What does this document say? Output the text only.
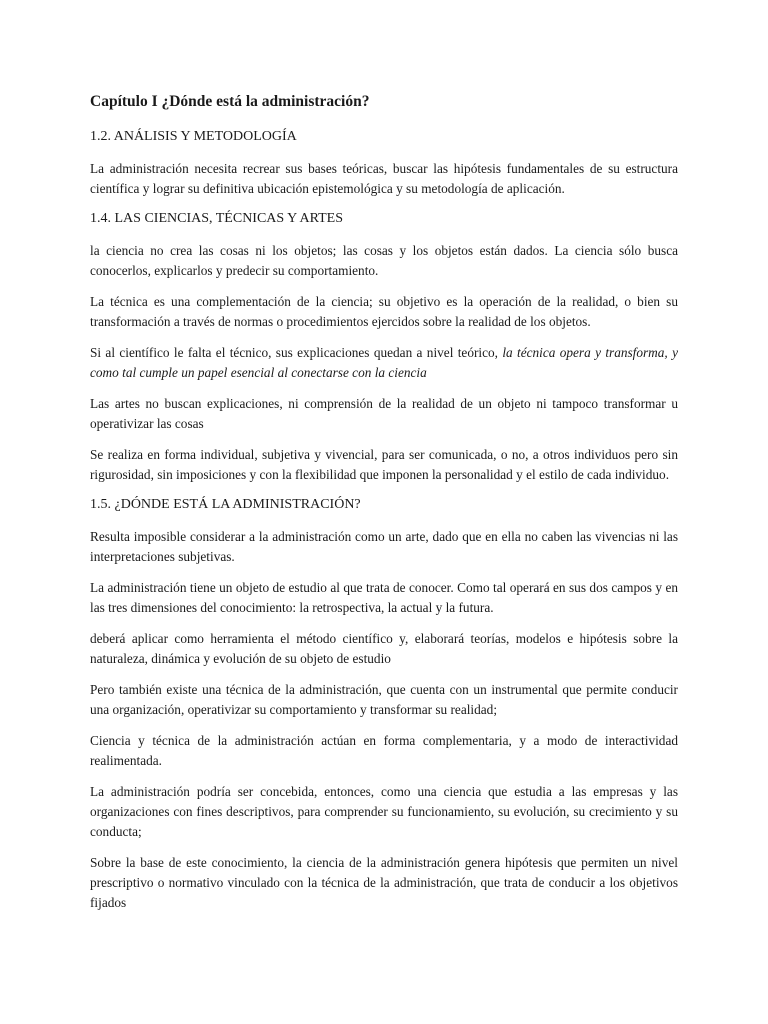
Capítulo I ¿Dónde está la administración?
1.2. ANÁLISIS Y METODOLOGÍA

La administración necesita recrear sus bases teóricas, buscar las hipótesis fundamentales de su estructura científica y lograr su definitiva ubicación epistemológica y su metodología de aplicación.

1.4. LAS CIENCIAS, TÉCNICAS Y ARTES

la ciencia no crea las cosas ni los objetos; las cosas y los objetos están dados. La ciencia sólo busca conocerlos, explicarlos y predecir su comportamiento.

La técnica es una complementación de la ciencia; su objetivo es la operación de la realidad, o bien su transformación a través de normas o procedimientos ejercidos sobre la realidad de los objetos.

Si al científico le falta el técnico, sus explicaciones quedan a nivel teórico, la técnica opera y transforma, y como tal cumple un papel esencial al conectarse con la ciencia

Las artes no buscan explicaciones, ni comprensión de la realidad de un objeto ni tampoco transformar u operativizar las cosas

Se realiza en forma individual, subjetiva y vivencial, para ser comunicada, o no, a otros individuos pero sin rigurosidad, sin imposiciones y con la flexibilidad que imponen la personalidad y el estilo de cada individuo.

1.5. ¿DÓNDE ESTÁ LA ADMINISTRACIÓN?

Resulta imposible considerar a la administración como un arte, dado que en ella no caben las vivencias ni las interpretaciones subjetivas.

La administración tiene un objeto de estudio al que trata de conocer. Como tal operará en sus dos campos y en las tres dimensiones del conocimiento: la retrospectiva, la actual y la futura.

deberá aplicar como herramienta el método científico y, elaborará teorías, modelos e hipótesis sobre la naturaleza, dinámica y evolución de su objeto de estudio

Pero también existe una técnica de la administración, que cuenta con un instrumental que permite conducir una organización, operativizar su comportamiento y transformar su realidad;

Ciencia y técnica de la administración actúan en forma complementaria, y a modo de interactividad realimentada.

La administración podría ser concebida, entonces, como una ciencia que estudia a las empresas y las organizaciones con fines descriptivos, para comprender su funcionamiento, su evolución, su crecimiento y su conducta;

Sobre la base de este conocimiento, la ciencia de la administración genera hipótesis que permiten un nivel prescriptivo o normativo vinculado con la técnica de la administración, que trata de conducir a los objetivos fijados
